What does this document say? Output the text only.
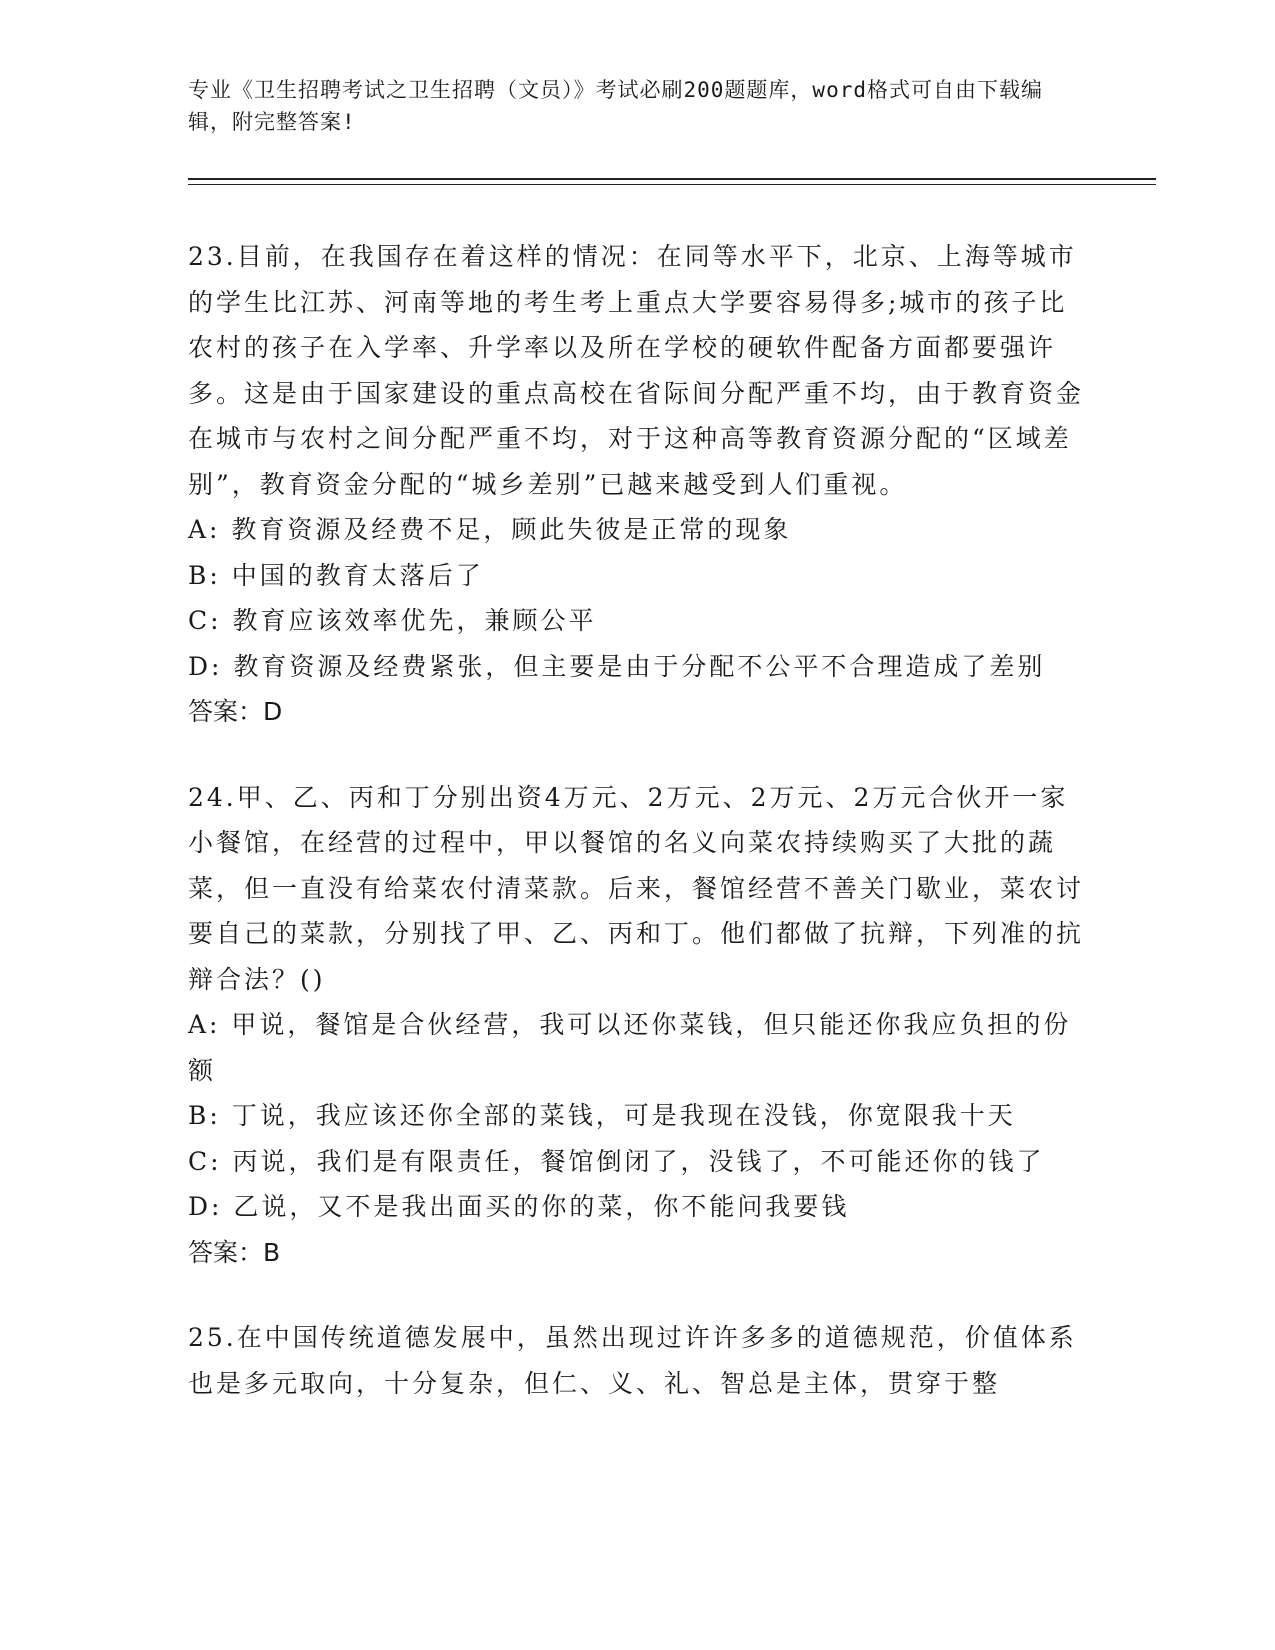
专业《卫生招聘考试之卫生招聘（文员）》考试必刷200题题库，word格式可自由下载编辑，附完整答案!
23.目前，在我国存在着这样的情况：在同等水平下，北京、上海等城市的学生比江苏、河南等地的考生考上重点大学要容易得多;城市的孩子比农村的孩子在入学率、升学率以及所在学校的硬软件配备方面都要强许多。这是由于国家建设的重点高校在省际间分配严重不均，由于教育资金在城市与农村之间分配严重不均，对于这种高等教育资源分配的“区域差别”，教育资金分配的“城乡差别”已越来越受到人们重视。
A: 教育资源及经费不足，顾此失彼是正常的现象
B: 中国的教育太落后了
C: 教育应该效率优先，兼顾公平
D: 教育资源及经费紧张，但主要是由于分配不公平不合理造成了差别
答案：D
24.甲、乙、丙和丁分别出资4万元、2万元、2万元、2万元合伙开一家小餐馆，在经营的过程中，甲以餐馆的名义向菜农持续购买了大批的蔬菜，但一直没有给菜农付清菜款。后来，餐馆经营不善关门歇业，菜农讨要自己的菜款，分别找了甲、乙、丙和丁。他们都做了抗辩，下列准的抗辩合法？()
A: 甲说，餐馆是合伙经营，我可以还你菜钱，但只能还你我应负担的份额
B: 丁说，我应该还你全部的菜钱，可是我现在没钱，你宽限我十天
C: 丙说，我们是有限责任，餐馆倒闭了，没钱了，不可能还你的钱了
D: 乙说，又不是我出面买的你的菜，你不能问我要钱
答案：B
25.在中国传统道德发展中，虽然出现过许许多多的道德规范，价值体系也是多元取向，十分复杂，但仁、义、礼、智总是主体，贯穿于整
